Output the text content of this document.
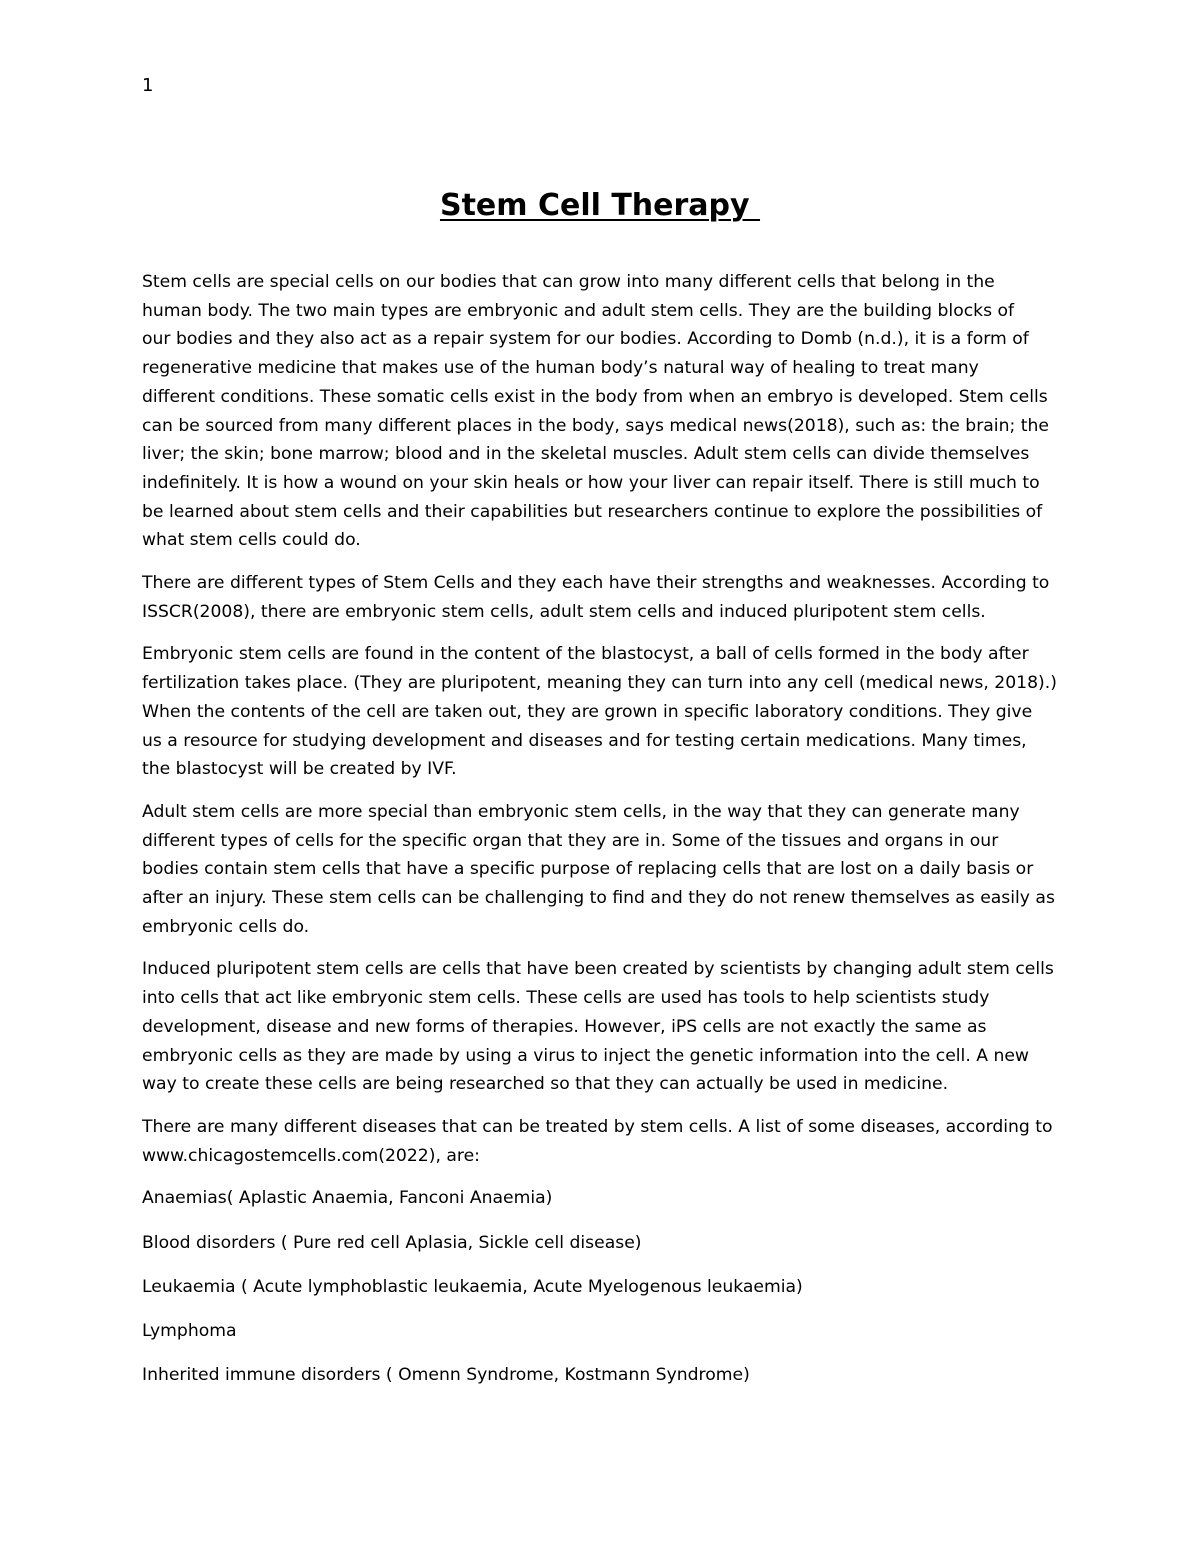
1
Stem Cell Therapy
Stem cells are special cells on our bodies that can grow into many different cells that belong in the
human body. The two main types are embryonic and adult stem cells. They are the building blocks of
our bodies and they also act as a repair system for our bodies. According to Domb (n.d.), it is a form of
regenerative medicine that makes use of the human body’s natural way of healing to treat many
different conditions. These somatic cells exist in the body from when an embryo is developed. Stem cells
can be sourced from many different places in the body, says medical news(2018), such as: the brain; the
liver; the skin; bone marrow; blood and in the skeletal muscles. Adult stem cells can divide themselves
indefinitely. It is how a wound on your skin heals or how your liver can repair itself. There is still much to
be learned about stem cells and their capabilities but researchers continue to explore the possibilities of
what stem cells could do.
There are different types of Stem Cells and they each have their strengths and weaknesses. According to
ISSCR(2008), there are embryonic stem cells, adult stem cells and induced pluripotent stem cells.
Embryonic stem cells are found in the content of the blastocyst, a ball of cells formed in the body after
fertilization takes place. (They are pluripotent, meaning they can turn into any cell (medical news, 2018).)
When the contents of the cell are taken out, they are grown in specific laboratory conditions. They give
us a resource for studying development and diseases and for testing certain medications. Many times,
the blastocyst will be created by IVF.
Adult stem cells are more special than embryonic stem cells, in the way that they can generate many
different types of cells for the specific organ that they are in. Some of the tissues and organs in our
bodies contain stem cells that have a specific purpose of replacing cells that are lost on a daily basis or
after an injury. These stem cells can be challenging to find and they do not renew themselves as easily as
embryonic cells do.
Induced pluripotent stem cells are cells that have been created by scientists by changing adult stem cells
into cells that act like embryonic stem cells. These cells are used has tools to help scientists study
development, disease and new forms of therapies. However, iPS cells are not exactly the same as
embryonic cells as they are made by using a virus to inject the genetic information into the cell. A new
way to create these cells are being researched so that they can actually be used in medicine.
There are many different diseases that can be treated by stem cells. A list of some diseases, according to
www.chicagostemcells.com(2022), are:
Anaemias( Aplastic Anaemia, Fanconi Anaemia)
Blood disorders ( Pure red cell Aplasia, Sickle cell disease)
Leukaemia ( Acute lymphoblastic leukaemia, Acute Myelogenous leukaemia)
Lymphoma
Inherited immune disorders ( Omenn Syndrome, Kostmann Syndrome)
